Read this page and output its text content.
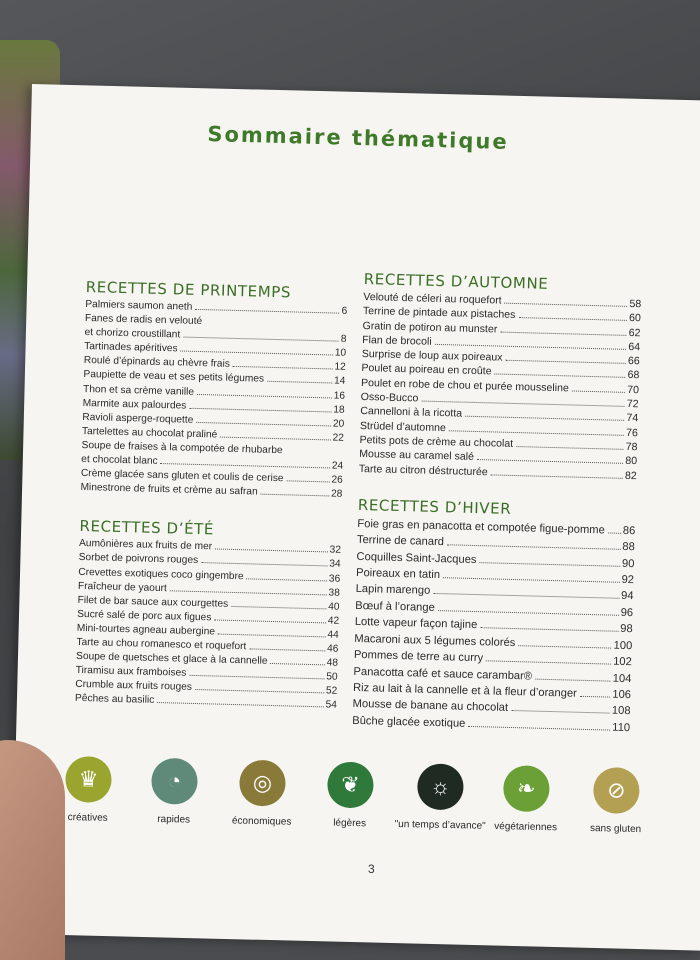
Sommaire thématique
RECETTES DE PRINTEMPS
Palmiers saumon aneth	6
Fanes de radis en velouté
et chorizo croustillant	8
Tartinades apéritives	10
Roulé d’épinards au chèvre frais	12
Paupiette de veau et ses petits légumes	14
Thon et sa crème vanille	16
Marmite aux palourdes	18
Ravioli asperge-roquette	20
Tartelettes au chocolat praliné	22
Soupe de fraises à la compotée de rhubarbe
et chocolat blanc	24
Crème glacée sans gluten et coulis de cerise	26
Minestrone de fruits et crème au safran	28
RECETTES D’ÉTÉ
Aumônières aux fruits de mer	32
Sorbet de poivrons rouges	34
Crevettes exotiques coco gingembre	36
Fraîcheur de yaourt	38
Filet de bar sauce aux courgettes	40
Sucré salé de porc aux figues	42
Mini-tourtes agneau aubergine	44
Tarte au chou romanesco et roquefort	46
Soupe de quetsches et glace à la cannelle	48
Tiramisu aux framboises	50
Crumble aux fruits rouges	52
Pêches au basilic	54
RECETTES D’AUTOMNE
Velouté de céleri au roquefort	58
Terrine de pintade aux pistaches	60
Gratin de potiron au munster	62
Flan de brocoli	64
Surprise de loup aux poireaux	66
Poulet au poireau en croûte	68
Poulet en robe de chou et purée mousseline	70
Osso-Bucco	72
Cannelloni à la ricotta	74
Strüdel d’automne	76
Petits pots de crème au chocolat	78
Mousse au caramel salé	80
Tarte au citron déstructurée	82
RECETTES D’HIVER
Foie gras en panacotta et compotée figue-pomme 86
Terrine de canard	88
Coquilles Saint-Jacques	90
Poireaux en tatin	92
Lapin marengo	94
Bœuf à l’orange	96
Lotte vapeur façon tajine	98
Macaroni aux 5 légumes colorés	100
Pommes de terre au curry	102
Panacotta café et sauce carambar®	104
Riz au lait à la cannelle et à la fleur d’oranger	106
Mousse de banane au chocolat	108
Bûche glacée exotique	110
♛
créatives
◔
rapides
◎
économiques
❦
légères
☼
"un temps d’avance"
❧
végétariennes
⊘
sans gluten
3
